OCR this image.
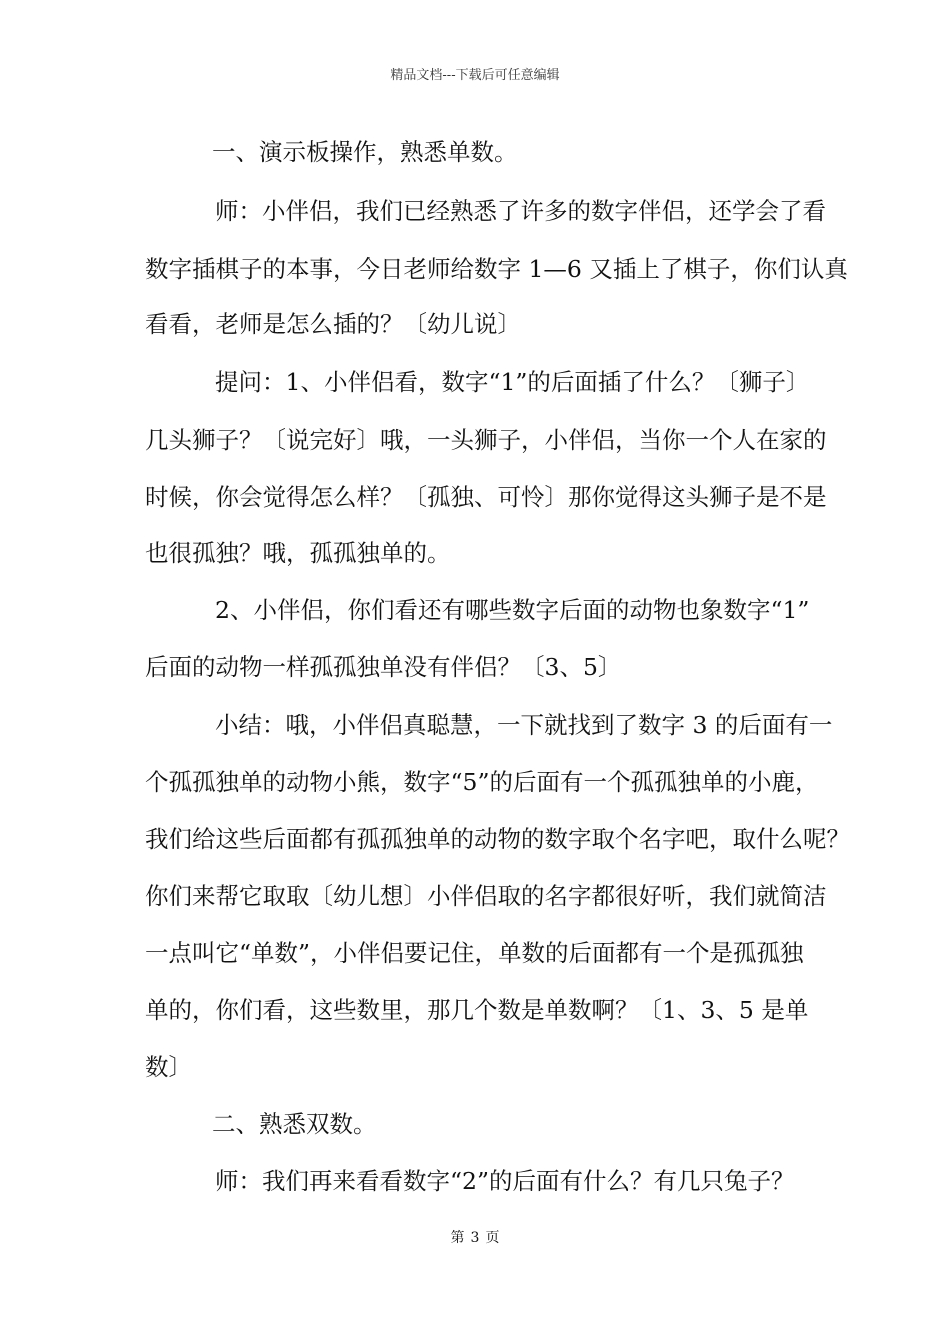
精品文档---下载后可任意编辑
一、演示板操作，熟悉单数。
师：小伴侣，我们已经熟悉了许多的数字伴侣，还学会了看
数字插棋子的本事，今日老师给数字 1—6 又插上了棋子，你们认真
看看，老师是怎么插的？〔幼儿说〕
提问：1、小伴侣看，数字“1”的后面插了什么？〔狮子〕
几头狮子？〔说完好〕哦，一头狮子，小伴侣，当你一个人在家的
时候，你会觉得怎么样？〔孤独、可怜〕那你觉得这头狮子是不是
也很孤独？哦，孤孤独单的。
2、小伴侣，你们看还有哪些数字后面的动物也象数字“1”
后面的动物一样孤孤独单没有伴侣？〔3、5〕
小结：哦，小伴侣真聪慧，一下就找到了数字 3 的后面有一
个孤孤独单的动物小熊，数字“5”的后面有一个孤孤独单的小鹿，
我们给这些后面都有孤孤独单的动物的数字取个名字吧，取什么呢？
你们来帮它取取〔幼儿想〕小伴侣取的名字都很好听，我们就简洁
一点叫它“单数”，小伴侣要记住，单数的后面都有一个是孤孤独
单的，你们看，这些数里，那几个数是单数啊？〔1、3、5 是单
数〕
二、熟悉双数。
师：我们再来看看数字“2”的后面有什么？有几只兔子？
第 3 页
